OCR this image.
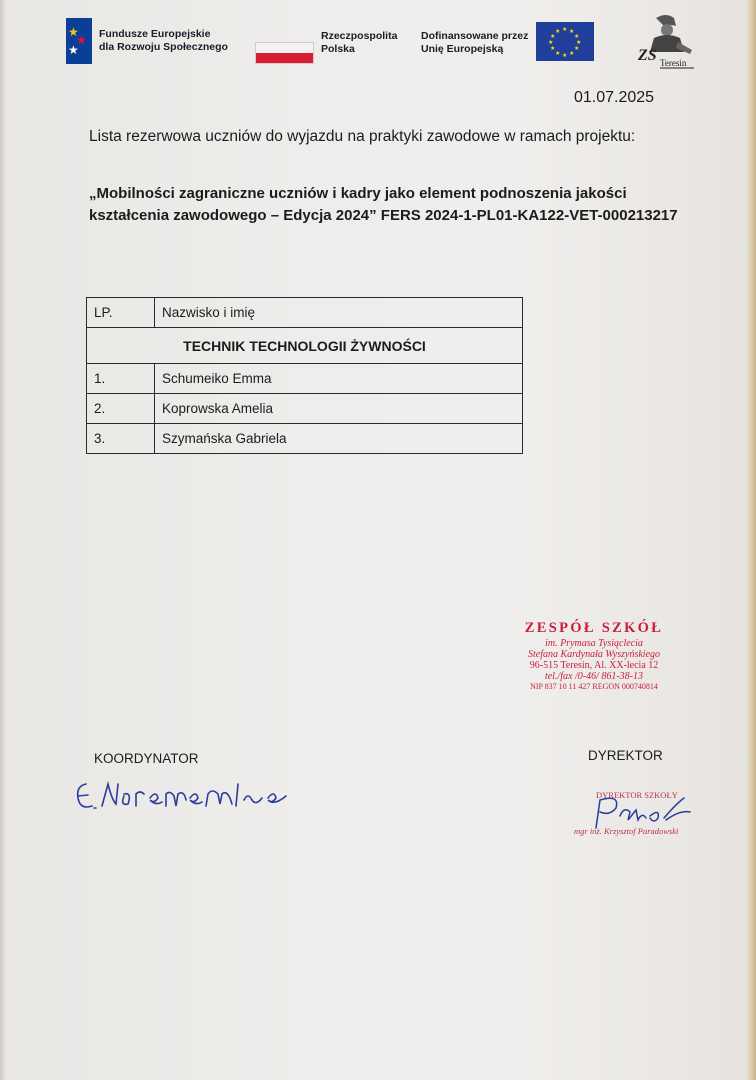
★
★
★
Fundusze Europejskie
dla Rozwoju Społecznego
Rzeczpospolita
Polska
Dofinansowane przez
Unię Europejską
★ ★
★
★
★
★
★
★
★
★
★
★
ZS Teresin
01.07.2025
Lista rezerwowa uczniów do wyjazdu na praktyki zawodowe w ramach projektu:
„Mobilności zagraniczne uczniów i kadry jako element podnoszenia jakości kształcenia zawodowego – Edycja 2024” FERS 2024-1-PL01-KA122-VET-000213217
LP.	Nazwisko i imię
TECHNIK TECHNOLOGII ŻYWNOŚCI	
1.	Schumeiko Emma
2.	Koprowska Amelia
3.	Szymańska Gabriela
ZESPÓŁ SZKÓŁ
im. Prymasa Tysiąclecia
Stefana Kardynała Wyszyńskiego
96-515 Teresin, Al. XX-lecia 12
tel./fax /0-46/ 861-38-13
NIP 837 10 11 427 REGON 000740814
KOORDYNATOR	DYREKTOR
DYREKTOR SZKOŁY
mgr inż. Krzysztof Paradowski
